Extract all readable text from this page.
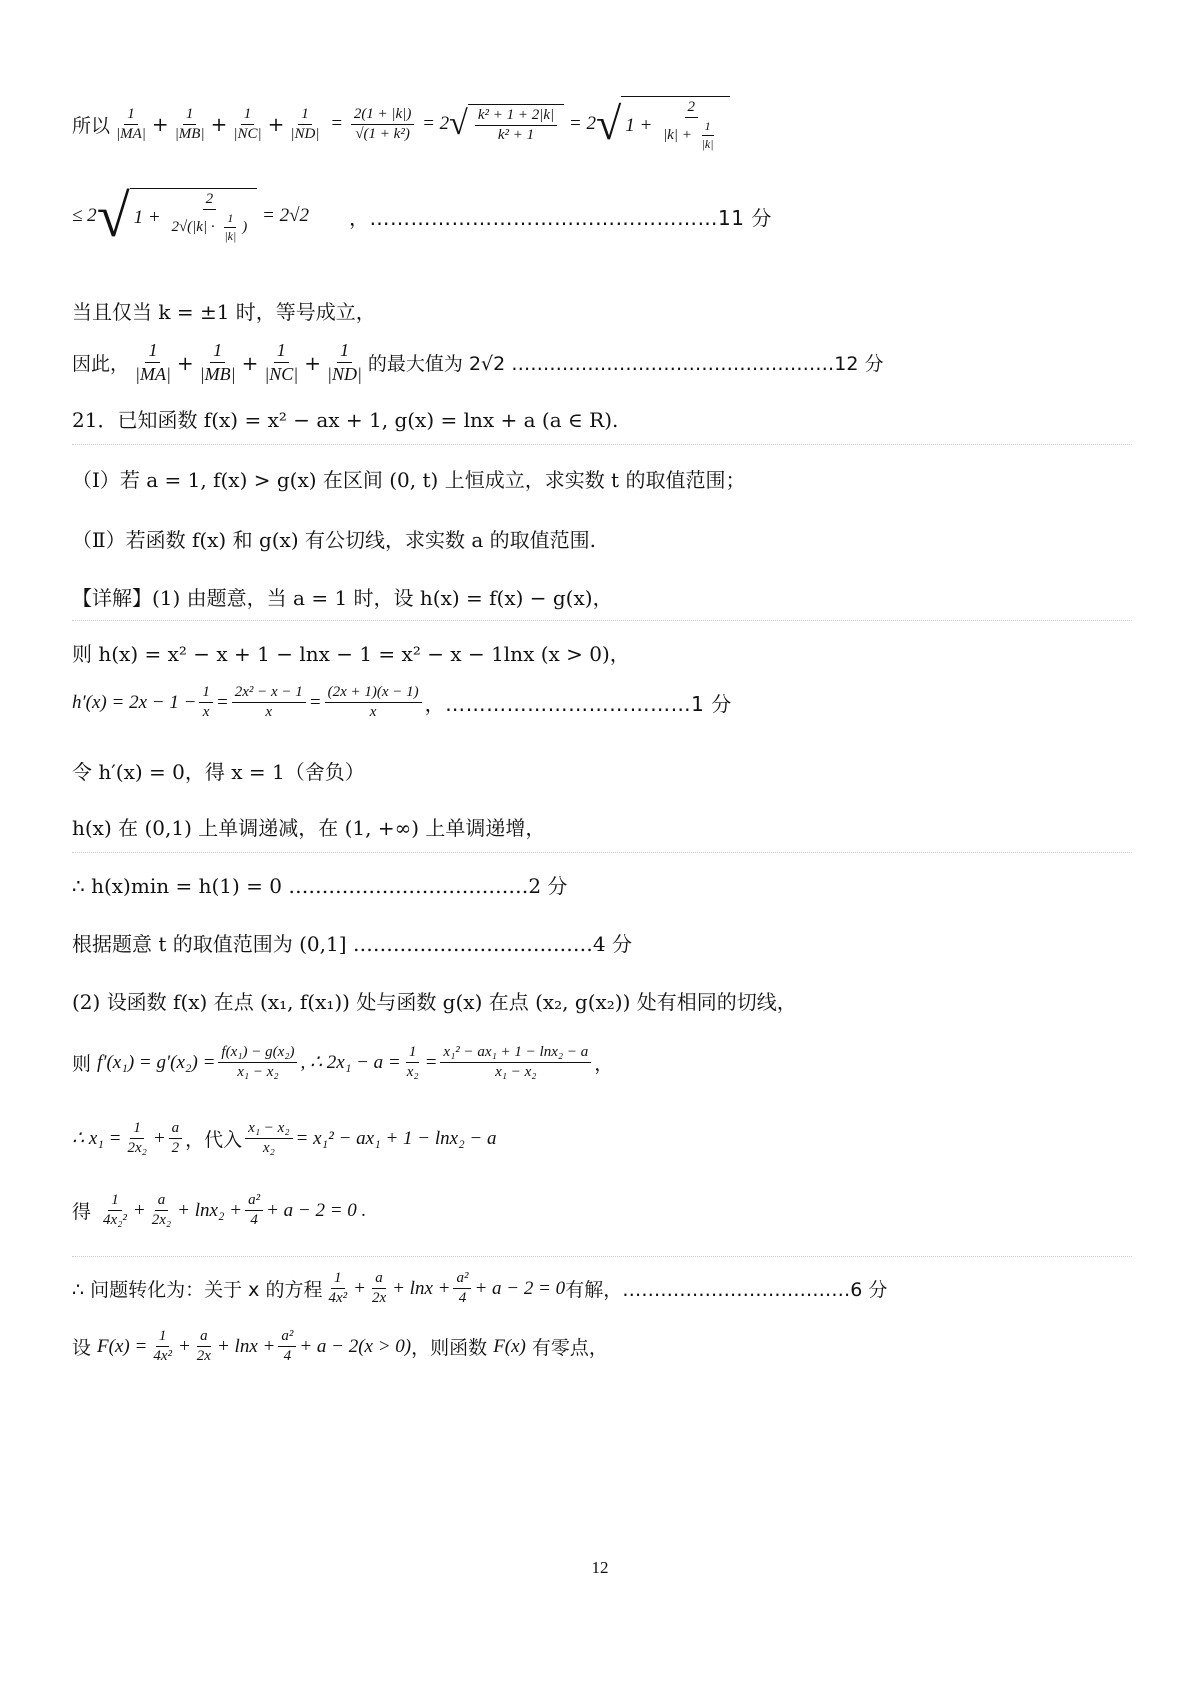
所以 $\frac{1}{|MA|} + \frac{1}{|MB|} + \frac{1}{|NC|} + \frac{1}{|ND|} = \frac{2(1 + |k|)}{\text{√(1 + k²)}} = 2$ √ $\frac{\text{k² + 1 + 2|k|}}{\text{k² + 1}} = 2$ √ $1 + \frac{2}{|k| + \frac{1}{|k|}}$
≤ 2 √ $1 + \frac{2}{2√(|k| \cdot \frac{1}{|k|} )} = 2√2$ ，……………………………………………11 分
当且仅当 k = ±1 时，等号成立，
因此， $\frac{1}{|MA|} + \frac{1}{|MB|} + \frac{1}{|NC|} + \frac{1}{|ND|}$ 的最大值为 2√2 ……………………………………………12 分
21．已知函数 f(x) = x² − ax + 1, g(x) = lnx + a (a ∈ R).
（Ⅰ）若 a = 1, f(x) > g(x) 在区间 (0, t) 上恒成立，求实数 t 的取值范围；
（Ⅱ）若函数 f(x) 和 g(x) 有公切线，求实数 a 的取值范围.
【详解】(1) 由题意，当 a = 1 时，设 h(x) = f(x) − g(x)，
则 h(x) = x² − x + 1 − lnx − 1 = x² − x − 1lnx (x > 0)，
$h'(x) = 2x - 1 - \frac{1}{x} = \frac{\text{2x² − x − 1}}{x} = \frac{(2x + 1)(x - 1)}{x}$ ，………………………………1 分
令 h′(x) = 0，得 x = 1（舍负）
h(x) 在 (0,1) 上单调递减，在 (1, +∞) 上单调递增，
∴ h(x)min = h(1) = 0 ………………………………2 分
根据题意 t 的取值范围为 (0,1] ………………………………4 分
(2) 设函数 f(x) 在点 (x₁, f(x₁)) 处与函数 g(x) 在点 (x₂, g(x₂)) 处有相同的切线，
则 $f'(x_1) = g'(x_2) = \frac{\text{f(x₁) − g(x₂)}}{\text{x₁ − x₂}}$ , ∴ $2x_1 - a = \frac{1}{\text{x₂}} = \frac{\text{x₁² − ax₁ + 1 − lnx₂ − a}}{\text{x₁ − x₂}}$ ，
∴ $x_1 = \frac{1}{\text{2x₂}} + \frac{a}{2}$ ，代入 $\frac{\text{x₁ − x₂}}{\text{x₂}} = x_1^2 - ax_1 + 1 - \ln x_2 - a$
得 $\frac{1}{\text{4x₂²}} + \frac{a}{\text{2x₂}} + \ln x_2 + \frac{\text{a²}}{4} + a - 2 = 0$ .
∴ 问题转化为：关于 x 的方程 $\frac{1}{\text{4x²}} + \frac{a}{2x} + \ln x + \frac{\text{a²}}{4} + a - 2 = 0$ 有解，………………………………6 分
设 $F(x) = \frac{1}{\text{4x²}} + \frac{a}{2x} + \ln x + \frac{\text{a²}}{4} + a - 2(x > 0)$ ，则函数 F(x) 有零点，
12
